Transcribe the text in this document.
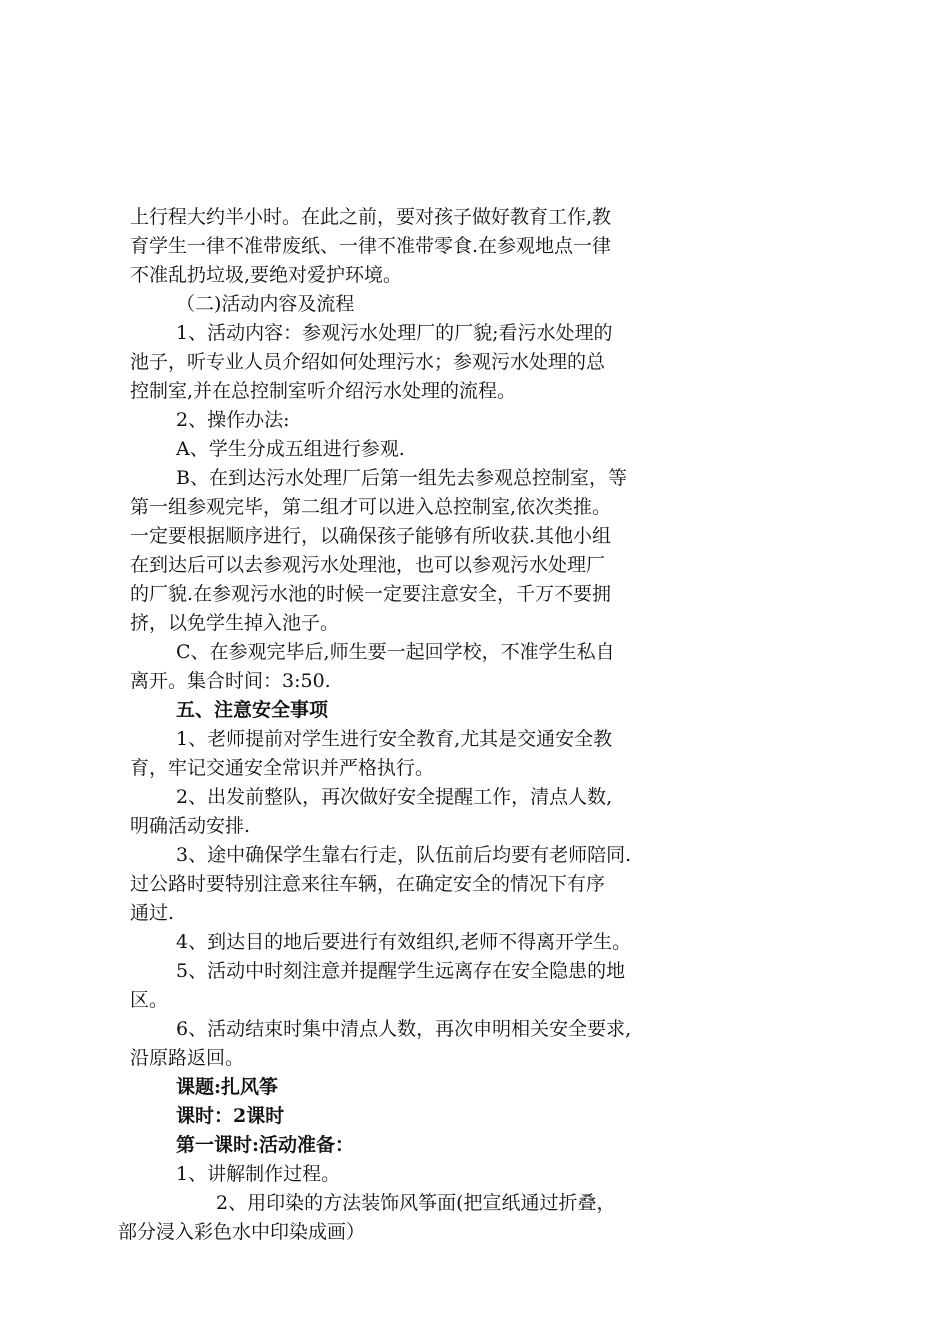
上行程大约半小时。在此之前，要对孩子做好教育工作,教
育学生一律不准带废纸、一律不准带零食.在参观地点一律
不准乱扔垃圾,要绝对爱护环境。
（二)活动内容及流程
1、活动内容：参观污水处理厂的厂貌;看污水处理的
池子，听专业人员介绍如何处理污水；参观污水处理的总
控制室,并在总控制室听介绍污水处理的流程。
2、操作办法:
A、学生分成五组进行参观.
B、在到达污水处理厂后第一组先去参观总控制室，等
第一组参观完毕，第二组才可以进入总控制室,依次类推。
一定要根据顺序进行，以确保孩子能够有所收获.其他小组
在到达后可以去参观污水处理池，也可以参观污水处理厂
的厂貌.在参观污水池的时候一定要注意安全，千万不要拥
挤，以免学生掉入池子。
C、在参观完毕后,师生要一起回学校，不准学生私自
离开。集合时间：3:50.
五、注意安全事项
1、老师提前对学生进行安全教育,尤其是交通安全教
育，牢记交通安全常识并严格执行。
2、出发前整队，再次做好安全提醒工作，清点人数,
明确活动安排.
3、途中确保学生靠右行走，队伍前后均要有老师陪同.
过公路时要特别注意来往车辆，在确定安全的情况下有序
通过.
4、到达目的地后要进行有效组织,老师不得离开学生。
5、活动中时刻注意并提醒学生远离存在安全隐患的地
区。
6、活动结束时集中清点人数，再次申明相关安全要求,
沿原路返回。
课题:扎风筝
课时：2课时
第一课时:活动准备：
1、讲解制作过程。
2、用印染的方法装饰风筝面(把宣纸通过折叠，
部分浸入彩色水中印染成画）
